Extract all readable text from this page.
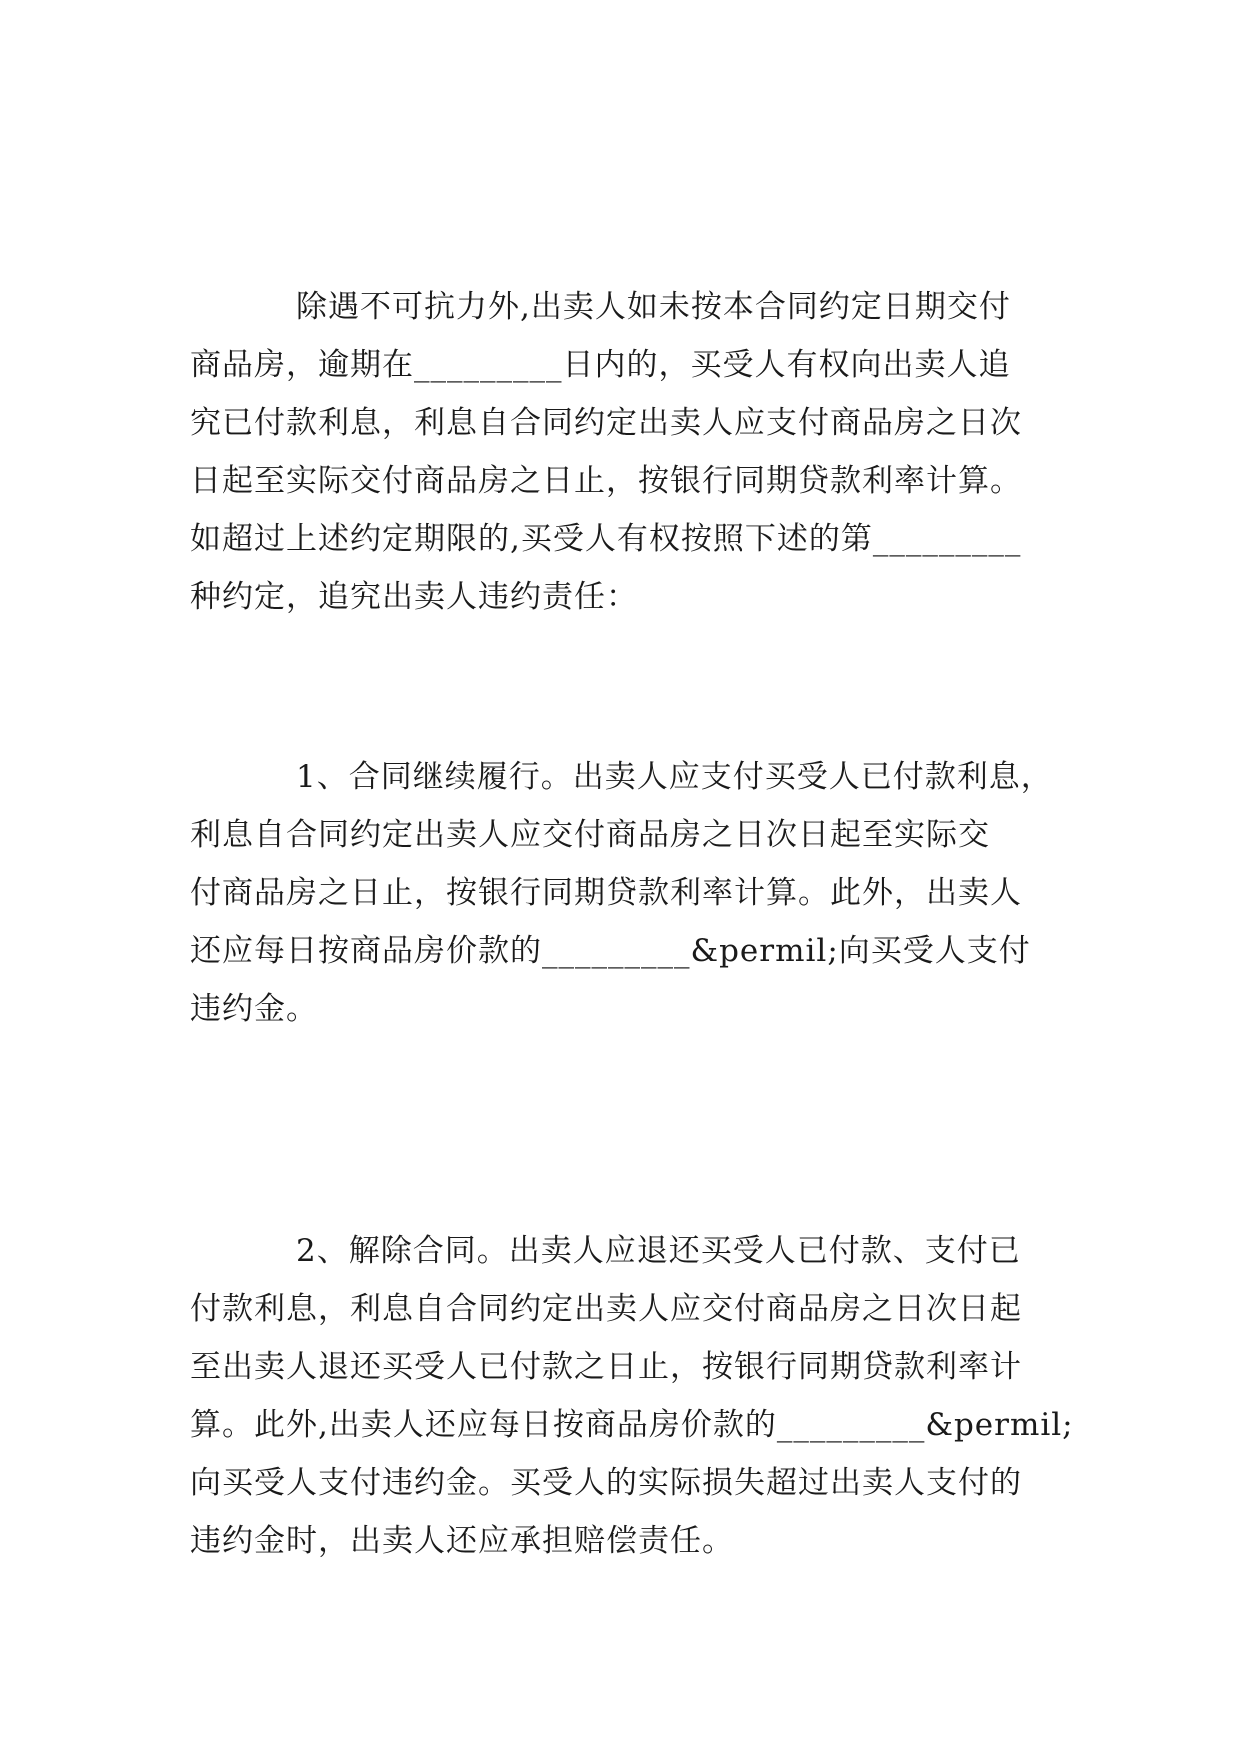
除遇不可抗力外,出卖人如未按本合同约定日期交付
商品房，逾期在_________日内的，买受人有权向出卖人追
究已付款利息，利息自合同约定出卖人应支付商品房之日次
日起至实际交付商品房之日止，按银行同期贷款利率计算。
如超过上述约定期限的,买受人有权按照下述的第_________
种约定，追究出卖人违约责任：
1、合同继续履行。出卖人应支付买受人已付款利息，
利息自合同约定出卖人应交付商品房之日次日起至实际交
付商品房之日止，按银行同期贷款利率计算。此外，出卖人
还应每日按商品房价款的_________&permil;向买受人支付
违约金。
2、解除合同。出卖人应退还买受人已付款、支付已
付款利息，利息自合同约定出卖人应交付商品房之日次日起
至出卖人退还买受人已付款之日止，按银行同期贷款利率计
算。此外,出卖人还应每日按商品房价款的_________&permil;
向买受人支付违约金。买受人的实际损失超过出卖人支付的
违约金时，出卖人还应承担赔偿责任。
